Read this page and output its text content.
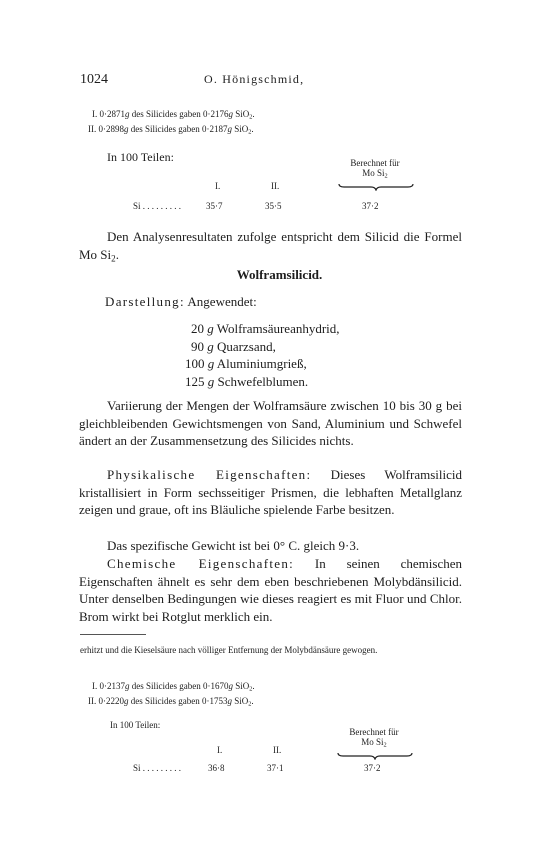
1024	O. Hönigschmid,
I. 0·2871g des Silicides gaben 0·2176g SiO$_2$.
II. 0·2898g des Silicides gaben 0·2187g SiO$_2$.
In 100 Teilen:	Berechnet für
Mo $Si_2$
I.	II.
Si . . . . . . . . .	35·7	35·5	37·2
Den Analysenresultaten zufolge entspricht dem Silicid die Formel Mo $Si_2$.
Wolframsilicid.
Darstellung: Angewendet:
20 g Wolframsäureanhydrid,
90 g Quarzsand,
100 g Aluminiumgrieß,
125 g Schwefelblumen.
Variierung der Mengen der Wolframsäure zwischen 10 bis 30 g bei gleichbleibenden Gewichtsmengen von Sand, Aluminium und Schwefel ändert an der Zusammensetzung des Silicides nichts.
Physikalische Eigenschaften: Dieses Wolframsilicid kristallisiert in Form sechsseitiger Prismen, die lebhaften Metallglanz zeigen und graue, oft ins Bläuliche spielende Farbe besitzen.
Das spezifische Gewicht ist bei 0° C. gleich 9·3.
Chemische Eigenschaften: In seinen chemischen Eigenschaften ähnelt es sehr dem eben beschriebenen Molybdänsilicid. Unter denselben Bedingungen wie dieses reagiert es mit Fluor und Chlor. Brom wirkt bei Rotglut merklich ein.
erhitzt und die Kieselsäure nach völliger Entfernung der Molybdänsäure gewogen.
I. 0·2137g des Silicides gaben 0·1670g SiO$_2$.
II. 0·2220g des Silicides gaben 0·1753g SiO$_2$.
In 100 Teilen:
Berechnet für
Mo $Si_2$
I.	II.
Si . . . . . . . . .	36·8	37·1	37·2
